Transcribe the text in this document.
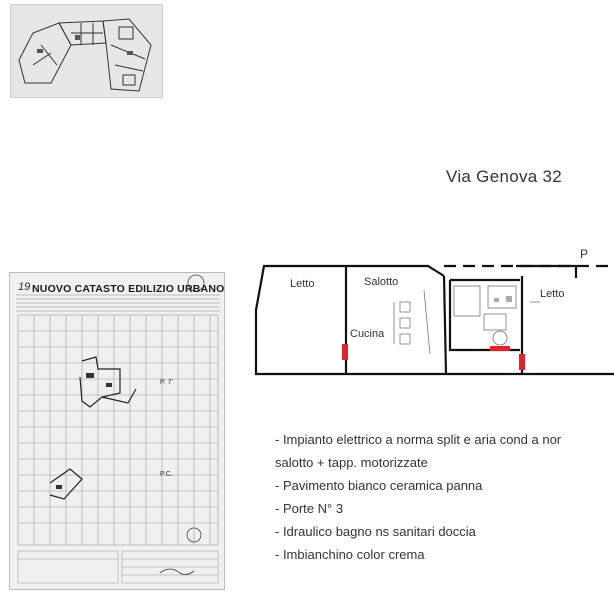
Via Genova 32
19 NUOVO CATASTO EDILIZIO URBANO
P. 7'
P.C.
Letto	Salotto
Cucina
Letto
P
- Impianto elettrico a norma split e aria cond a nor
salotto + tapp. motorizzate
- Pavimento bianco ceramica panna
- Porte N° 3
- Idraulico bagno ns sanitari doccia
- Imbianchino color crema
